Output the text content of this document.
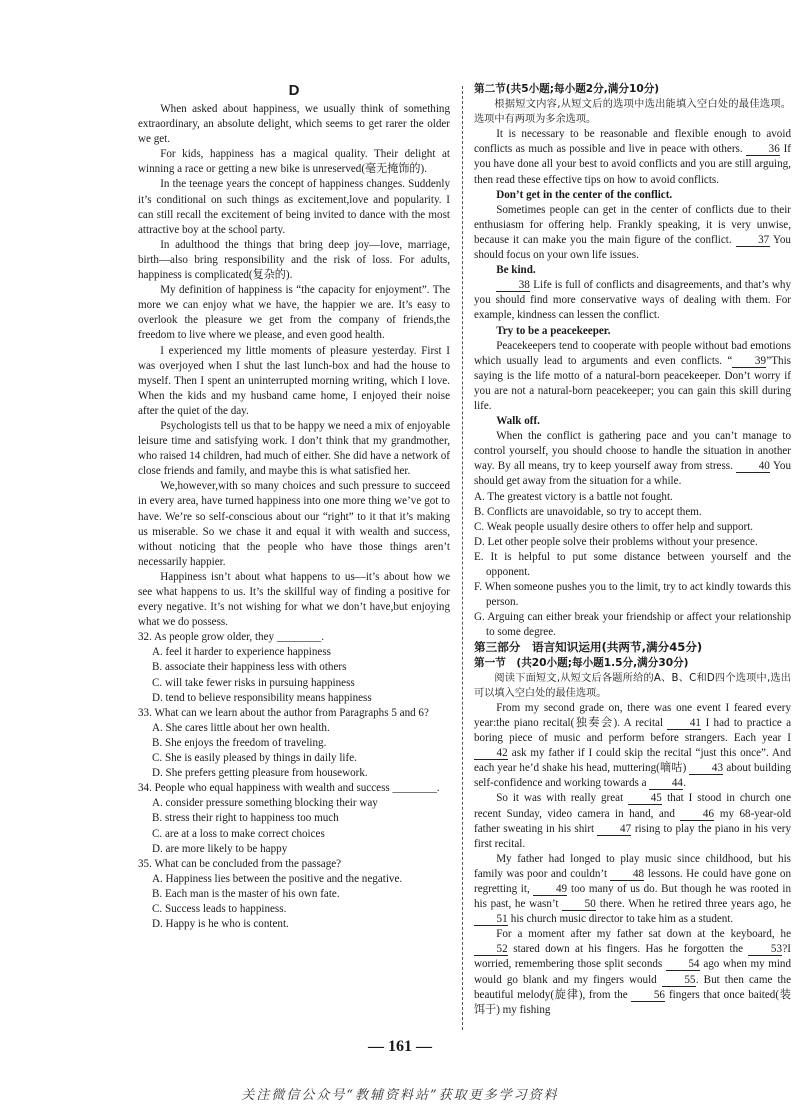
D

When asked about happiness, we usually think of something extraordinary, an absolute delight, which seems to get rarer the older we get.

For kids, happiness has a magical quality. Their delight at winning a race or getting a new bike is unreserved(毫无掩饰的).

In the teenage years the concept of happiness changes. Suddenly it’s conditional on such things as excitement,love and popularity. I can still recall the excitement of being invited to dance with the most attractive boy at the school party.

In adulthood the things that bring deep joy—love, marriage, birth—also bring responsibility and the risk of loss. For adults, happiness is complicated(复杂的).

My definition of happiness is “the capacity for enjoyment”. The more we can enjoy what we have, the happier we are. It’s easy to overlook the pleasure we get from the company of friends,the freedom to live where we please, and even good health.

I experienced my little moments of pleasure yesterday. First I was overjoyed when I shut the last lunch-box and had the house to myself. Then I spent an uninterrupted morning writing, which I love. When the kids and my husband came home, I enjoyed their noise after the quiet of the day.

Psychologists tell us that to be happy we need a mix of enjoyable leisure time and satisfying work. I don’t think that my grandmother, who raised 14 children, had much of either. She did have a network of close friends and family, and maybe this is what satisfied her.

We,however,with so many choices and such pressure to succeed in every area, have turned happiness into one more thing we’ve got to have. We’re so self-conscious about our “right” to it that it’s making us miserable. So we chase it and equal it with wealth and success, without noticing that the people who have those things aren’t necessarily happier.

Happiness isn’t about what happens to us—it’s about how we see what happens to us. It’s the skillful way of finding a positive for every negative. It’s not wishing for what we don’t have,but enjoying what we do possess.

32. As people grow older, they ________.
A. feel it harder to experience happiness
B. associate their happiness less with others
C. will take fewer risks in pursuing happiness
D. tend to believe responsibility means happiness
33. What can we learn about the author from Paragraphs 5 and 6?
A. She cares little about her own health.
B. She enjoys the freedom of traveling.
C. She is easily pleased by things in daily life.
D. She prefers getting pleasure from housework.
34. People who equal happiness with wealth and success ________.
A. consider pressure something blocking their way
B. stress their right to happiness too much
C. are at a loss to make correct choices
D. are more likely to be happy
35. What can be concluded from the passage?
A. Happiness lies between the positive and the negative.
B. Each man is the master of his own fate.
C. Success leads to happiness.
D. Happy is he who is content.
第二节(共5小题;每小题2分,满分10分)

根据短文内容,从短文后的选项中选出能填入空白处的最佳选项。选项中有两项为多余选项。

It is necessary to be reasonable and flexible enough to avoid conflicts as much as possible and live in peace with others. 36 If you have done all your best to avoid conflicts and you are still arguing, then read these effective tips on how to avoid conflicts.

Don’t get in the center of the conflict.

Sometimes people can get in the center of conflicts due to their enthusiasm for offering help. Frankly speaking, it is very unwise, because it can make you the main figure of the conflict. 37 You should focus on your own life issues.

Be kind.

38 Life is full of conflicts and disagreements, and that’s why you should find more conservative ways of dealing with them. For example, kindness can lessen the conflict.

Try to be a peacekeeper.

Peacekeepers tend to cooperate with people without bad emotions which usually lead to arguments and even conflicts. “ 39”This saying is the life motto of a natural-born peacekeeper. Don’t worry if you are not a natural-born peacekeeper; you can gain this skill during life.

Walk off.

When the conflict is gathering pace and you can’t manage to control yourself, you should choose to handle the situation in another way. By all means, try to keep yourself away from stress. 40 You should get away from the situation for a while.

A. The greatest victory is a battle not fought.
B. Conflicts are unavoidable, so try to accept them.
C. Weak people usually desire others to offer help and support.
D. Let other people solve their problems without your presence.
E. It is helpful to put some distance between yourself and the opponent.
F. When someone pushes you to the limit, try to act kindly towards this person.
G. Arguing can either break your friendship or affect your relationship to some degree.
第三部分　语言知识运用(共两节,满分45分)
第一节　(共20小题;每小题1.5分,满分30分)

阅读下面短文,从短文后各题所给的A、B、C和D四个选项中,选出可以填入空白处的最佳选项。

From my second grade on, there was one event I feared every year:the piano recital(独奏会). A recital 41 I had to practice a boring piece of music and perform before strangers. Each year I 42 ask my father if I could skip the recital “just this once”. And each year he’d shake his head, muttering(嘀咕) 43 about building self-confidence and working towards a 44.

So it was with really great 45 that I stood in church one recent Sunday, video camera in hand, and 46 my 68-year-old father sweating in his shirt 47 rising to play the piano in his very first recital.

My father had longed to play music since childhood, but his family was poor and couldn’t 48 lessons. He could have gone on regretting it, 49 too many of us do. But though he was rooted in his past, he wasn’t 50 there. When he retired three years ago, he 51 his church music director to take him as a student.

For a moment after my father sat down at the keyboard, he 52 stared down at his fingers. Has he forgotten the 53?I worried, remembering those split seconds 54 ago when my mind would go blank and my fingers would 55. But then came the beautiful melody(旋律), from the 56 fingers that once baited(装饵于) my fishing

— 161 —
关注微信公众号“教辅资料站”获取更多学习资料
